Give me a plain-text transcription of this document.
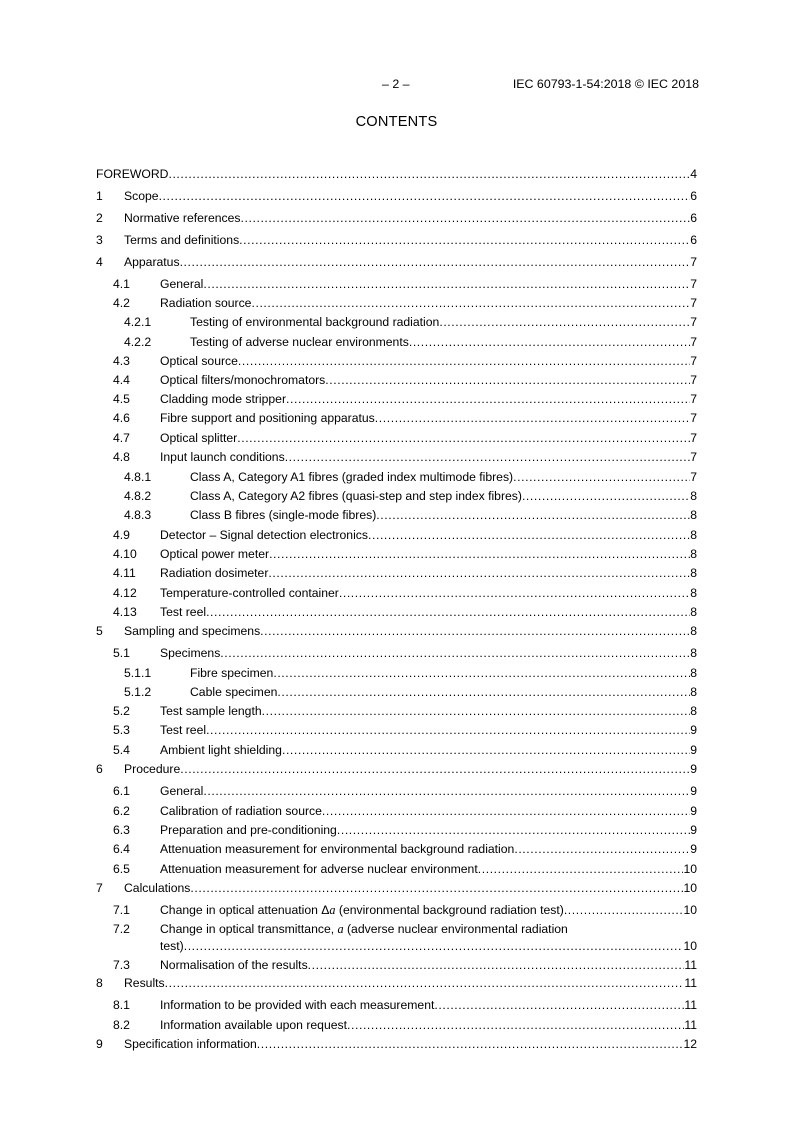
– 2 –	IEC 60793-1-54:2018 © IEC 2018
CONTENTS
FOREWORD .....	4
1 Scope .....	6
2 Normative references .....	6
3 Terms and definitions .....	6
4 Apparatus .....	7
4.1 General .....	7
4.2 Radiation source .....	7
4.2.1	Testing of environmental background radiation .....	7
4.2.2	Testing of adverse nuclear environments .....	7
4.3 Optical source .....	7
4.4 Optical filters/monochromators .....	7
4.5 Cladding mode stripper .....	7
4.6 Fibre support and positioning apparatus .....	7
4.7 Optical splitter .....	7
4.8 Input launch conditions .....	7
4.8.1	Class A, Category A1 fibres (graded index multimode fibres) .....	7
4.8.2	Class A, Category A2 fibres (quasi-step and step index fibres) .....	8
4.8.3	Class B fibres (single-mode fibres) .....	8
4.9 Detector – Signal detection electronics .....	8
4.10 Optical power meter .....	8
4.11 Radiation dosimeter .....	8
4.12 Temperature-controlled container .....	8
4.13 Test reel .....	8
5 Sampling and specimens .....	8
5.1 Specimens .....	8
5.1.1	Fibre specimen .....	8
5.1.2	Cable specimen .....	8
5.2 Test sample length .....	8
5.3 Test reel .....	9
5.4 Ambient light shielding .....	9
6 Procedure .....	9
6.1 General .....	9
6.2 Calibration of radiation source .....	9
6.3 Preparation and pre-conditioning .....	9
6.4 Attenuation measurement for environmental background radiation .....	9
6.5 Attenuation measurement for adverse nuclear environment .....	10
7 Calculations .....	10
7.1 Change in optical attenuation Δa (environmental background radiation test) .....	10
7.2 Change in optical transmittance, a (adverse nuclear environmental radiation
test) .....	10
7.3 Normalisation of the results .....	11
8 Results .....	11
8.1 Information to be provided with each measurement .....	11
8.2 Information available upon request .....	11
9 Specification information .....	12
